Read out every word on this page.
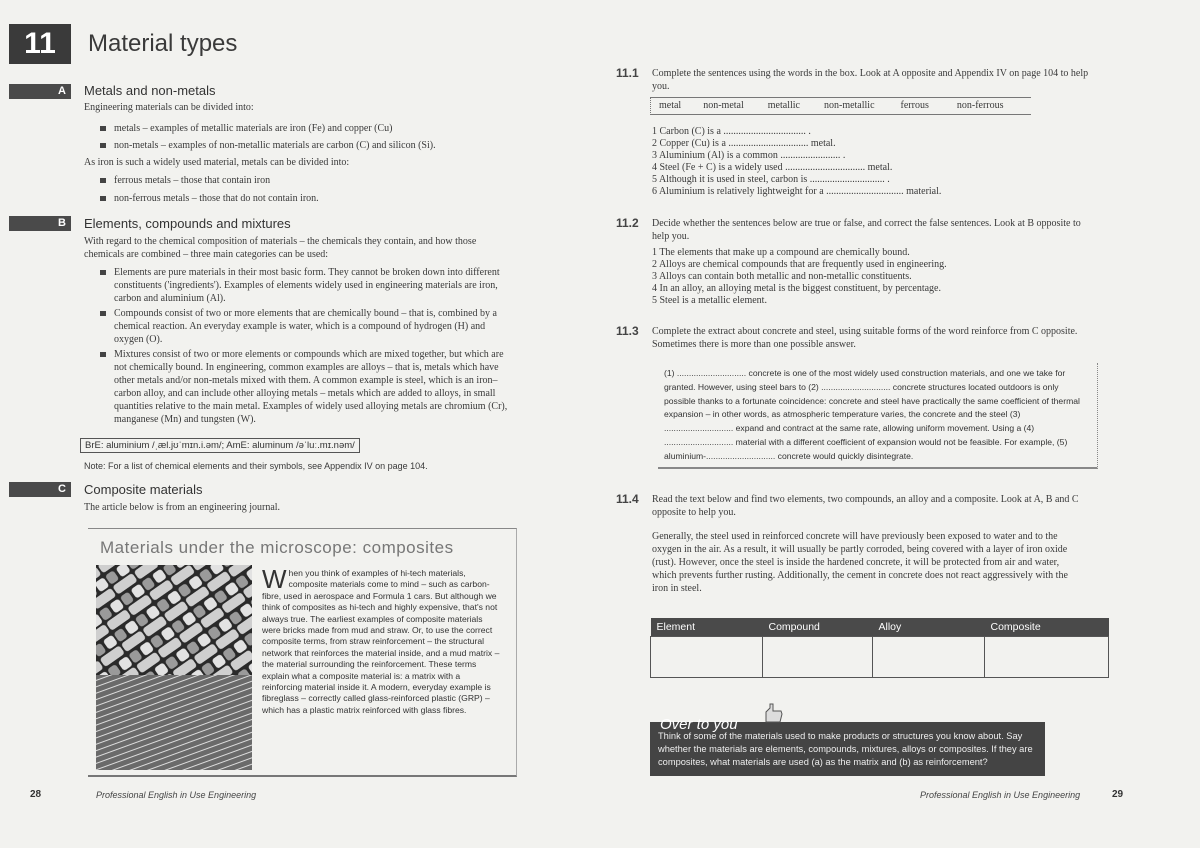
11	Material types
A Metals and non-metals
Engineering materials can be divided into:
metals – examples of metallic materials are iron (Fe) and copper (Cu)
non-metals – examples of non-metallic materials are carbon (C) and silicon (Si).
As iron is such a widely used material, metals can be divided into:
ferrous metals – those that contain iron
non-ferrous metals – those that do not contain iron.
B Elements, compounds and mixtures
With regard to the chemical composition of materials – the chemicals they contain, and how those chemicals are combined – three main categories can be used:
Elements are pure materials in their most basic form. They cannot be broken down into different constituents ('ingredients'). Examples of elements widely used in engineering materials are iron, carbon and aluminium (Al).
Compounds consist of two or more elements that are chemically bound – that is, combined by a chemical reaction. An everyday example is water, which is a compound of hydrogen (H) and oxygen (O).
Mixtures consist of two or more elements or compounds which are mixed together, but which are not chemically bound. In engineering, common examples are alloys – that is, metals which have other metals and/or non-metals mixed with them. A common example is steel, which is an iron–carbon alloy, and can include other alloying metals – metals which are added to alloys, in small quantities relative to the main metal. Examples of widely used alloying metals are chromium (Cr), manganese (Mn) and tungsten (W).
BrE: aluminium /ˌæl.jʊˈmɪn.i.əm/; AmE: aluminum /əˈluː.mɪ.nəm/
Note: For a list of chemical elements and their symbols, see Appendix IV on page 104.
C Composite materials
The article below is from an engineering journal.
Materials under the microscope: composites
When you think of examples of hi-tech materials, composite materials come to mind – such as carbon-fibre, used in aerospace and Formula 1 cars. But although we think of composites as hi-tech and highly expensive, that's not always true. The earliest examples of composite materials were bricks made from mud and straw. Or, to use the correct composite terms, from straw reinforcement – the structural network that reinforces the material inside, and a mud matrix – the material surrounding the reinforcement. These terms explain what a composite material is: a matrix with a reinforcing material inside it. A modern, everyday example is fibreglass – correctly called glass-reinforced plastic (GRP) – which has a plastic matrix reinforced with glass fibres.
28	Professional English in Use Engineering
11.1 Complete the sentences using the words in the box. Look at A opposite and Appendix IV on page 104 to help you.
metal non-metal metallic non-metallic	ferrous	non-ferrous
1 Carbon (C) is a ................................. .
2 Copper (Cu) is a ................................ metal.
3 Aluminium (Al) is a common ........................ .
4 Steel (Fe + C) is a widely used ................................ metal.
5 Although it is used in steel, carbon is .............................. .
6 Aluminium is relatively lightweight for a ............................... material.
11.2 Decide whether the sentences below are true or false, and correct the false sentences. Look at B opposite to help you.
1 The elements that make up a compound are chemically bound.
2 Alloys are chemical compounds that are frequently used in engineering.
3 Alloys can contain both metallic and non-metallic constituents.
4 In an alloy, an alloying metal is the biggest constituent, by percentage.
5 Steel is a metallic element.
11.3 Complete the extract about concrete and steel, using suitable forms of the word reinforce from C opposite. Sometimes there is more than one possible answer.
(1) ............................. concrete is one of the most widely used construction materials, and one we take for granted. However, using steel bars to (2) ............................. concrete structures located outdoors is only possible thanks to a fortunate coincidence: concrete and steel have practically the same coefficient of thermal expansion – in other words, as atmospheric temperature varies, the concrete and the steel (3) ............................. expand and contract at the same rate, allowing uniform movement. Using a (4) ............................. material with a different coefficient of expansion would not be feasible. For example, (5) aluminium-............................. concrete would quickly disintegrate.
11.4 Read the text below and find two elements, two compounds, an alloy and a composite. Look at A, B and C opposite to help you.
Generally, the steel used in reinforced concrete will have previously been exposed to water and to the oxygen in the air. As a result, it will usually be partly corroded, being covered with a layer of iron oxide (rust). However, once the steel is inside the hardened concrete, it will be protected from air and water, which prevents further rusting. Additionally, the cement in concrete does not react aggressively with the iron in steel.
Element	Compound	Alloy	Composite

Over to you
Think of some of the materials used to make products or structures you know about. Say whether the materials are elements, compounds, mixtures, alloys or composites. If they are composites, what materials are used (a) as the matrix and (b) as reinforcement?
Professional English in Use Engineering	29
